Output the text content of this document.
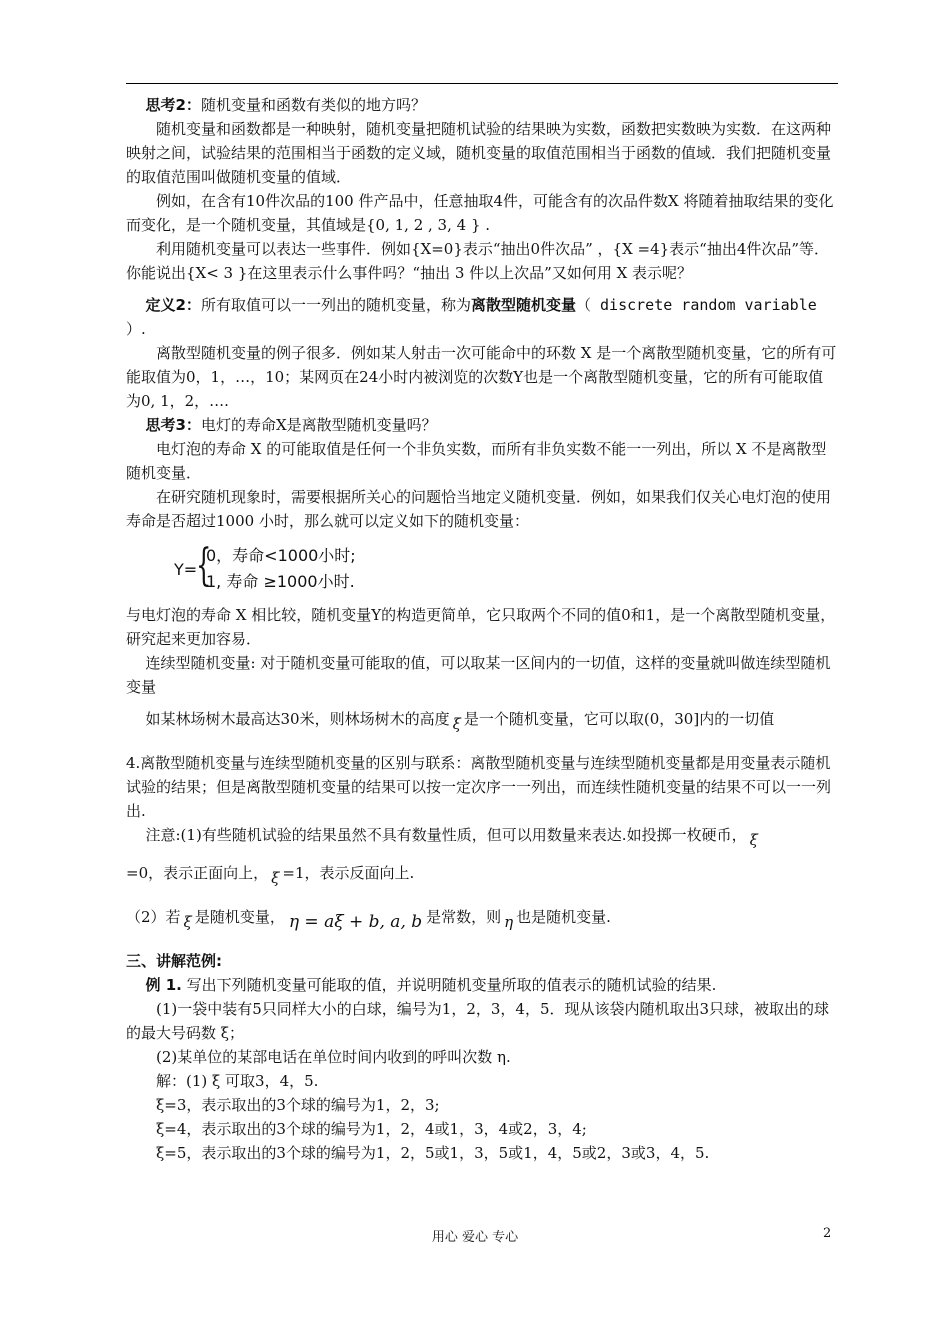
思考2：随机变量和函数有类似的地方吗？

随机变量和函数都是一种映射，随机变量把随机试验的结果映为实数，函数把实数映为实数．在这两种映射之间，试验结果的范围相当于函数的定义域，随机变量的取值范围相当于函数的值域．我们把随机变量的取值范围叫做随机变量的值域．

例如，在含有10件次品的100 件产品中，任意抽取4件，可能含有的次品件数X 将随着抽取结果的变化而变化，是一个随机变量，其值域是{0, 1, 2 , 3, 4 } .

利用随机变量可以表达一些事件．例如{X=0}表示“抽出0件次品” ，{X =4}表示“抽出4件次品”等．你能说出{X< 3 }在这里表示什么事件吗？“抽出 3 件以上次品”又如何用 X 表示呢？

定义2：所有取值可以一一列出的随机变量，称为离散型随机变量（ discrete random variable ）.

离散型随机变量的例子很多．例如某人射击一次可能命中的环数 X 是一个离散型随机变量，它的所有可能取值为0，1，…，10；某网页在24小时内被浏览的次数Y也是一个离散型随机变量，它的所有可能取值为0, 1，2，….

思考3：电灯的寿命X是离散型随机变量吗？

电灯泡的寿命 X 的可能取值是任何一个非负实数，而所有非负实数不能一一列出，所以 X 不是离散型随机变量．

在研究随机现象时，需要根据所关心的问题恰当地定义随机变量．例如，如果我们仅关心电灯泡的使用寿命是否超过1000 小时，那么就可以定义如下的随机变量：

Y=
{
0，寿命<1000小时;
1, 寿命 ≥1000小时.

与电灯泡的寿命 X 相比较，随机变量Y的构造更简单，它只取两个不同的值0和1，是一个离散型随机变量，研究起来更加容易．

连续型随机变量: 对于随机变量可能取的值，可以取某一区间内的一切值，这样的变量就叫做连续型随机变量

如某林场树木最高达30米，则林场树木的高度 ξ 是一个随机变量，它可以取(0，30]内的一切值

4.离散型随机变量与连续型随机变量的区别与联系：离散型随机变量与连续型随机变量都是用变量表示随机试验的结果；但是离散型随机变量的结果可以按一定次序一一列出，而连续性随机变量的结果不可以一一列出.

注意:(1)有些随机试验的结果虽然不具有数量性质，但可以用数量来表达.如投掷一枚硬币， ξ

=0，表示正面向上， ξ =1，表示反面向上.

（2）若 ξ 是随机变量， η = aξ + b, a, b 是常数，则 η 也是随机变量.

三、讲解范例:

例 1. 写出下列随机变量可能取的值，并说明随机变量所取的值表示的随机试验的结果.

(1)一袋中装有5只同样大小的白球，编号为1，2，3，4，5．现从该袋内随机取出3只球，被取出的球的最大号码数 ξ；

(2)某单位的某部电话在单位时间内收到的呼叫次数 η.

解：(1) ξ 可取3，4，5.

ξ=3，表示取出的3个球的编号为1，2，3;

ξ=4，表示取出的3个球的编号为1，2，4或1，3，4或2，3，4;

ξ=5，表示取出的3个球的编号为1，2，5或1，3，5或1，4，5或2，3或3，4，5.

用心 爱心 专心	2
